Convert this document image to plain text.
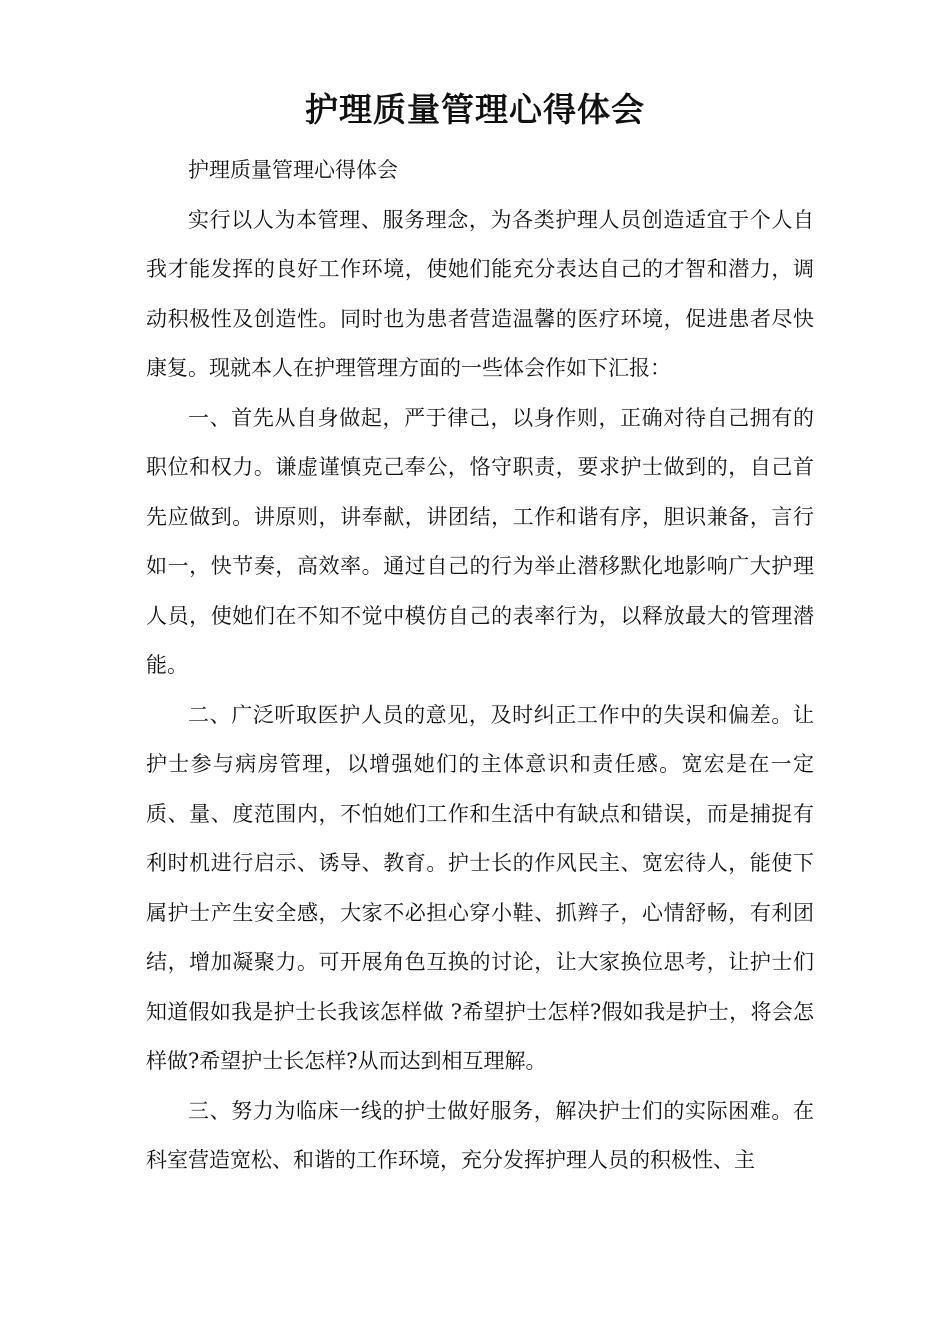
护理质量管理心得体会

护理质量管理心得体会

实行以人为本管理、服务理念，为各类护理人员创造适宜于个人自我才能发挥的良好工作环境，使她们能充分表达自己的才智和潜力，调动积极性及创造性。同时也为患者营造温馨的医疗环境，促进患者尽快康复。现就本人在护理管理方面的一些体会作如下汇报：

一、首先从自身做起，严于律己，以身作则，正确对待自己拥有的职位和权力。谦虚谨慎克己奉公，恪守职责，要求护士做到的，自己首先应做到。讲原则，讲奉献，讲团结，工作和谐有序，胆识兼备，言行如一，快节奏，高效率。通过自己的行为举止潜移默化地影响广大护理人员，使她们在不知不觉中模仿自己的表率行为，以释放最大的管理潜能。

二、广泛听取医护人员的意见，及时纠正工作中的失误和偏差。让护士参与病房管理，以增强她们的主体意识和责任感。宽宏是在一定质、量、度范围内，不怕她们工作和生活中有缺点和错误，而是捕捉有利时机进行启示、诱导、教育。护士长的作风民主、宽宏待人，能使下属护士产生安全感，大家不必担心穿小鞋、抓辫子，心情舒畅，有利团结，增加凝聚力。可开展角色互换的讨论，让大家换位思考，让护士们知道假如我是护士长我该怎样做 ?希望护士怎样?假如我是护士，将会怎样做?希望护士长怎样?从而达到相互理解。

三、努力为临床一线的护士做好服务，解决护士们的实际困难。在科室营造宽松、和谐的工作环境，充分发挥护理人员的积极性、主
